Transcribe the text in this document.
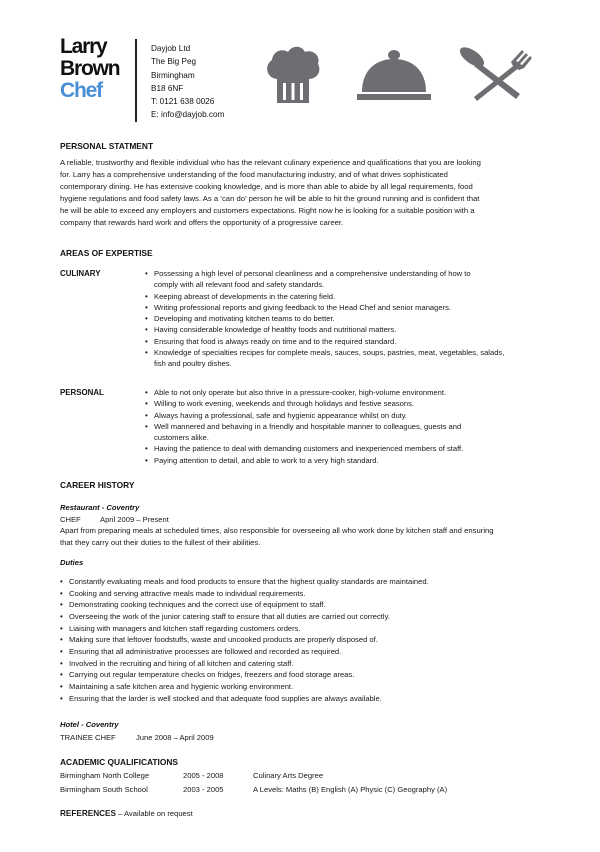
Larry
Brown
Chef
Dayjob Ltd
The Big Peg
Birmingham
B18 6NF
T: 0121 638 0026
E: info@dayjob.com
PERSONAL STATMENT
A reliable, trustworthy and flexible individual who has the relevant culinary experience and qualifications that you are looking
for. Larry has a comprehensive understanding of the food manufacturing industry, and of what drives sophisticated
contemporary dining. He has extensive cooking knowledge, and is more than able to abide by all legal requirements, food
hygiene regulations and food safety laws. As a ‘can do’ person he will be able to hit the ground running and is confident that
he will be able to exceed any employers and customers expectations. Right now he is looking for a suitable position with a
company that rewards hard work and offers the opportunity of a progressive career.
AREAS OF EXPERTISE
CULINARY	• Possessing a high level of personal cleanliness and a comprehensive understanding of how to
comply with all relevant food and safety standards.
• Keeping abreast of developments in the catering field.
• Writing professional reports and giving feedback to the Head Chef and senior managers.
• Developing and motivating kitchen teams to do better.
• Having considerable knowledge of healthy foods and nutritional matters.
• Ensuring that food is always ready on time and to the required standard.
• Knowledge of specialties recipes for complete meals, sauces, soups, pastries, meat, vegetables, salads,
fish and poultry dishes.
PERSONAL	• Able to not only operate but also thrive in a pressure-cooker, high-volume environment.
• Willing to work evening, weekends and through holidays and festive seasons.
• Always having a professional, safe and hygienic appearance whilst on duty.
• Well mannered and behaving in a friendly and hospitable manner to colleagues, guests and
customers alike.
• Having the patience to deal with demanding customers and inexperienced members of staff.
• Paying attention to detail, and able to work to a very high standard.
CAREER HISTORY
Restaurant - Coventry
CHEF	April 2009 – Present
Apart from preparing meals at scheduled times, also responsible for overseeing all who work done by kitchen staff and ensuring
that they carry out their duties to the fullest of their abilities.
Duties
• Constantly evaluating meals and food products to ensure that the highest quality standards are maintained.
• Cooking and serving attractive meals made to individual requirements.
• Demonstrating cooking techniques and the correct use of equipment to staff.
• Overseeing the work of the junior catering staff to ensure that all duties are carried out correctly.
• Liaising with managers and kitchen staff regarding customers orders.
• Making sure that leftover foodstuffs, waste and uncooked products are properly disposed of.
• Ensuring that all administrative processes are followed and recorded as required.
• Involved in the recruiting and hiring of all kitchen and catering staff.
• Carrying out regular temperature checks on fridges, freezers and food storage areas.
• Maintaining a safe kitchen area and hygienic working environment.
• Ensuring that the larder is well stocked and that adequate food supplies are always available.
Hotel - Coventry
TRAINEE CHEF	June 2008 – April 2009
ACADEMIC QUALIFICATIONS
Birmingham North College	2005 - 2008	Culinary Arts Degree
Birmingham South School	2003 - 2005	A Levels: Maths (B) English (A) Physic (C) Geography (A)
REFERENCES – Available on request
